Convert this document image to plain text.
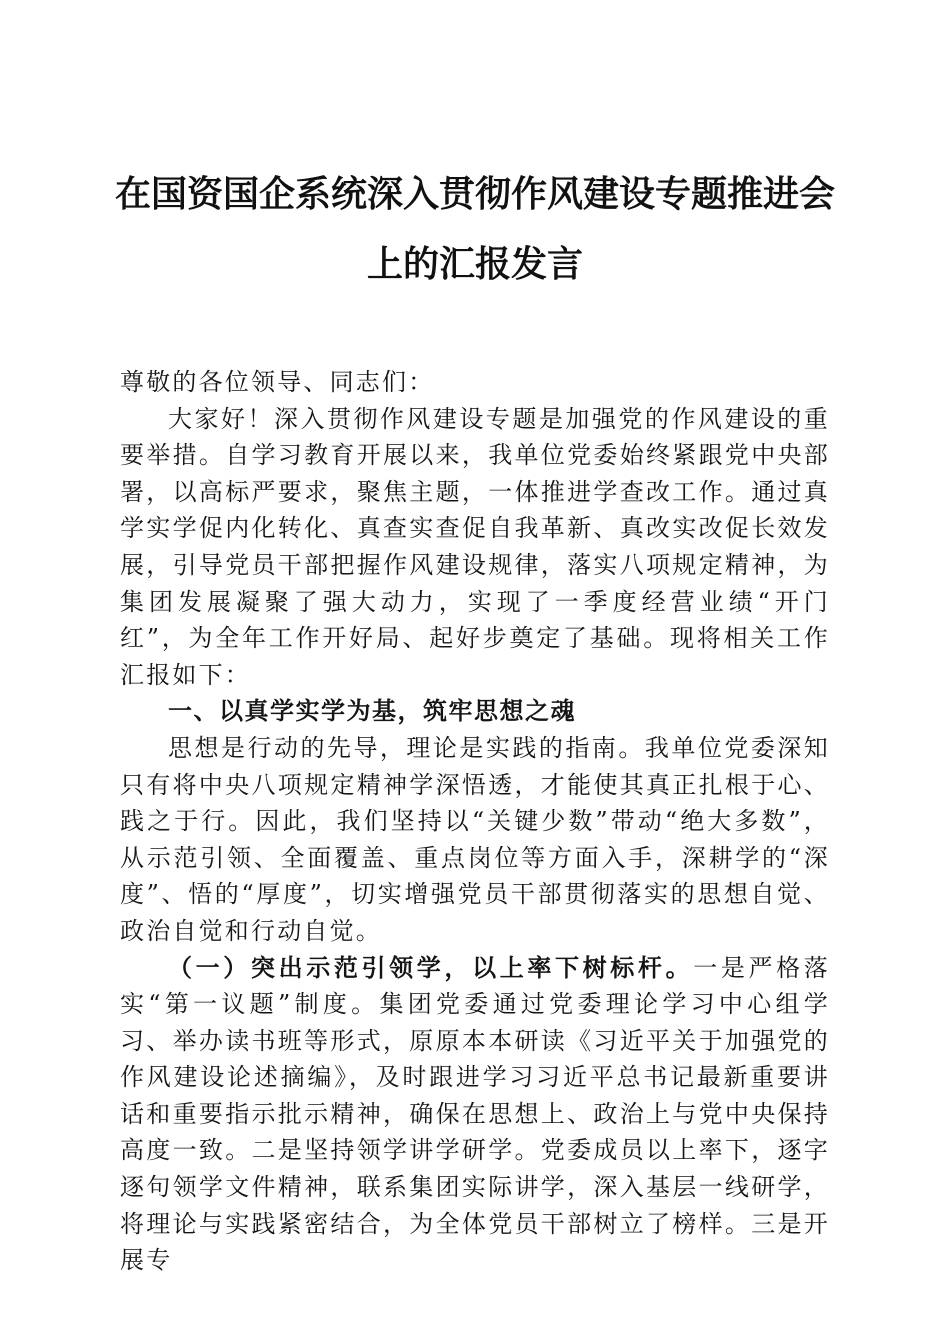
在国资国企系统深入贯彻作风建设专题推进会
上的汇报发言

尊敬的各位领导、同志们：

大家好！深入贯彻作风建设专题是加强党的作风建设的重要举措。自学习教育开展以来，我单位党委始终紧跟党中央部署，以高标严要求，聚焦主题，一体推进学查改工作。通过真学实学促内化转化、真查实查促自我革新、真改实改促长效发展，引导党员干部把握作风建设规律，落实八项规定精神，为集团发展凝聚了强大动力，实现了一季度经营业绩“开门红”，为全年工作开好局、起好步奠定了基础。现将相关工作汇报如下：

一、以真学实学为基，筑牢思想之魂

思想是行动的先导，理论是实践的指南。我单位党委深知只有将中央八项规定精神学深悟透，才能使其真正扎根于心、践之于行。因此，我们坚持以“关键少数”带动“绝大多数”，从示范引领、全面覆盖、重点岗位等方面入手，深耕学的“深度”、悟的“厚度”，切实增强党员干部贯彻落实的思想自觉、政治自觉和行动自觉。

（一）突出示范引领学，以上率下树标杆。一是严格落实“第一议题”制度。集团党委通过党委理论学习中心组学习、举办读书班等形式，原原本本研读《习近平关于加强党的作风建设论述摘编》，及时跟进学习习近平总书记最新重要讲话和重要指示批示精神，确保在思想上、政治上与党中央保持高度一致。二是坚持领学讲学研学。党委成员以上率下，逐字逐句领学文件精神，联系集团实际讲学，深入基层一线研学，将理论与实践紧密结合，为全体党员干部树立了榜样。三是开展专
